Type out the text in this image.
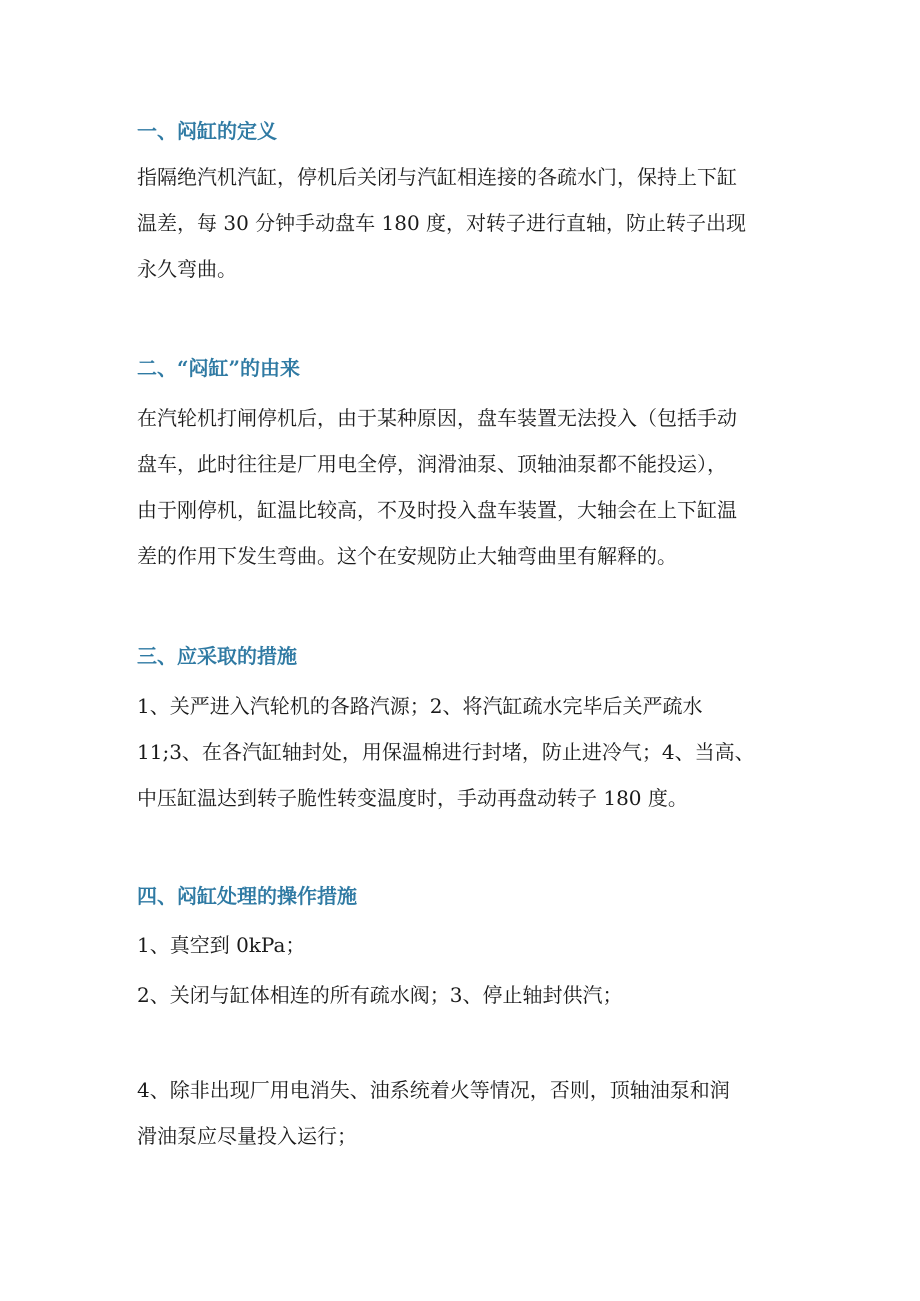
一、闷缸的定义

指隔绝汽机汽缸，停机后关闭与汽缸相连接的各疏水门，保持上下缸
温差，每 30 分钟手动盘车 180 度，对转子进行直轴，防止转子出现
永久弯曲。

二、“闷缸”的由来

在汽轮机打闸停机后，由于某种原因，盘车装置无法投入（包括手动
盘车，此时往往是厂用电全停，润滑油泵、顶轴油泵都不能投运），
由于刚停机，缸温比较高，不及时投入盘车装置，大轴会在上下缸温
差的作用下发生弯曲。这个在安规防止大轴弯曲里有解释的。

三、应采取的措施

1、关严进入汽轮机的各路汽源；2、将汽缸疏水完毕后关严疏水
11;3、在各汽缸轴封处，用保温棉进行封堵，防止进冷气；4、当高、
中压缸温达到转子脆性转变温度时，手动再盘动转子 180 度。

四、闷缸处理的操作措施

1、真空到 0kPa；
2、关闭与缸体相连的所有疏水阀；3、停止轴封供汽；

4、除非出现厂用电消失、油系统着火等情况，否则，顶轴油泵和润
滑油泵应尽量投入运行；
